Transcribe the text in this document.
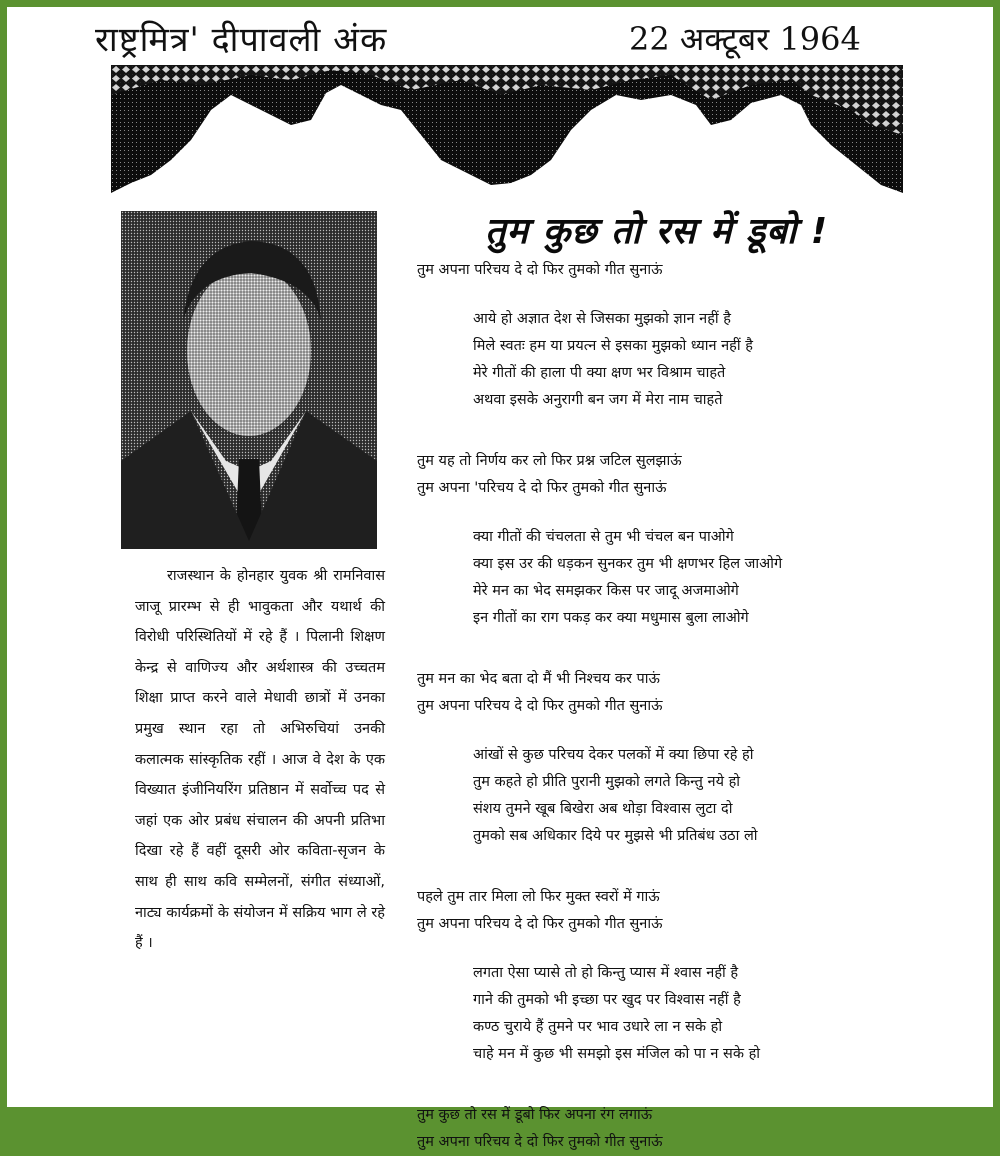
राष्ट्रमित्र' दीपावली अंक	22 अक्टूबर 1964

राजस्थान के होनहार युवक श्री रामनिवास जाजू प्रारम्भ से ही भावुकता और यथार्थ की विरोधी परिस्थितियों में रहे हैं । पिलानी शिक्षण केन्द्र से वाणिज्य और अर्थशास्त्र की उच्चतम शिक्षा प्राप्त करने वाले मेधावी छात्रों में उनका प्रमुख स्थान रहा तो अभिरुचियां उनकी कलात्मक सांस्कृतिक रहीं । आज वे देश के एक विख्यात इंजीनियरिंग प्रतिष्ठान में सर्वोच्च पद से जहां एक ओर प्रबंध संचालन की अपनी प्रतिभा दिखा रहे हैं वहीं दूसरी ओर कविता-सृजन के साथ ही साथ कवि सम्मेलनों, संगीत संध्याओं, नाट्य कार्यक्रमों के संयोजन में सक्रिय भाग ले रहे हैं ।

तुम कुछ तो रस में डूबो !
तुम अपना परिचय दे दो फिर तुमको गीत सुनाऊं
आये हो अज्ञात देश से जिसका मुझको ज्ञान नहीं है
मिले स्वतः हम या प्रयत्न से इसका मुझको ध्यान नहीं है
मेरे गीतों की हाला पी क्या क्षण भर विश्राम चाहते
अथवा इसके अनुरागी बन जग में मेरा नाम चाहते
तुम यह तो निर्णय कर लो फिर प्रश्न जटिल सुलझाऊं
तुम अपना 'परिचय दे दो फिर तुमको गीत सुनाऊं
क्या गीतों की चंचलता से तुम भी चंचल बन पाओगे
क्या इस उर की धड़कन सुनकर तुम भी क्षणभर हिल जाओगे
मेरे मन का भेद समझकर किस पर जादू अजमाओगे
इन गीतों का राग पकड़ कर क्या मधुमास बुला लाओगे
तुम मन का भेद बता दो मैं भी निश्चय कर पाऊं
तुम अपना परिचय दे दो फिर तुमको गीत सुनाऊं
आंखों से कुछ परिचय देकर पलकों में क्या छिपा रहे हो
तुम कहते हो प्रीति पुरानी मुझको लगते किन्तु नये हो
संशय तुमने खूब बिखेरा अब थोड़ा विश्वास लुटा दो
तुमको सब अधिकार दिये पर मुझसे भी प्रतिबंध उठा लो
पहले तुम तार मिला लो फिर मुक्त स्वरों में गाऊं
तुम अपना परिचय दे दो फिर तुमको गीत सुनाऊं
लगता ऐसा प्यासे तो हो किन्तु प्यास में श्वास नहीं है
गाने की तुमको भी इच्छा पर खुद पर विश्वास नहीं है
कण्ठ चुराये हैं तुमने पर भाव उधारे ला न सके हो
चाहे मन में कुछ भी समझो इस मंजिल को पा न सके हो
तुम कुछ तो रस में डूबो फिर अपना रंग लगाऊं
तुम अपना परिचय दे दो फिर तुमको गीत सुनाऊं
